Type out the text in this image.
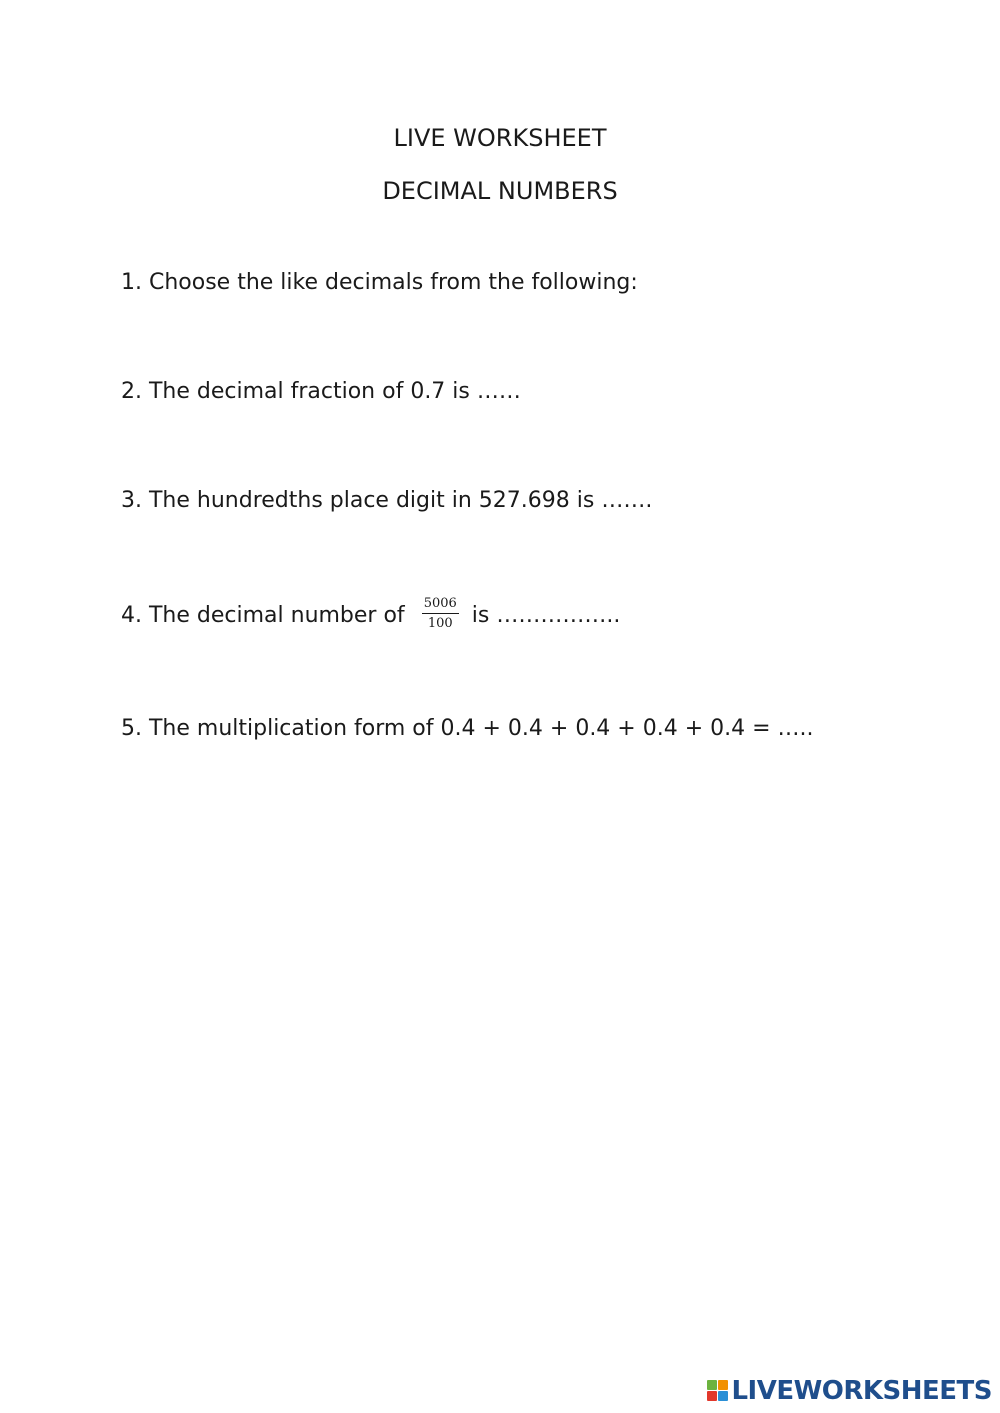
LIVE WORKSHEET
DECIMAL NUMBERS
1. Choose the like decimals from the following:
2. The decimal fraction of 0.7 is ……
3. The hundredths place digit in 527.698 is …….
4. The decimal number of $\frac{5006}{100}$ is ……………..
5. The multiplication form of 0.4 + 0.4 + 0.4 + 0.4 + 0.4 = …..
LIVEWORKSHEETS
